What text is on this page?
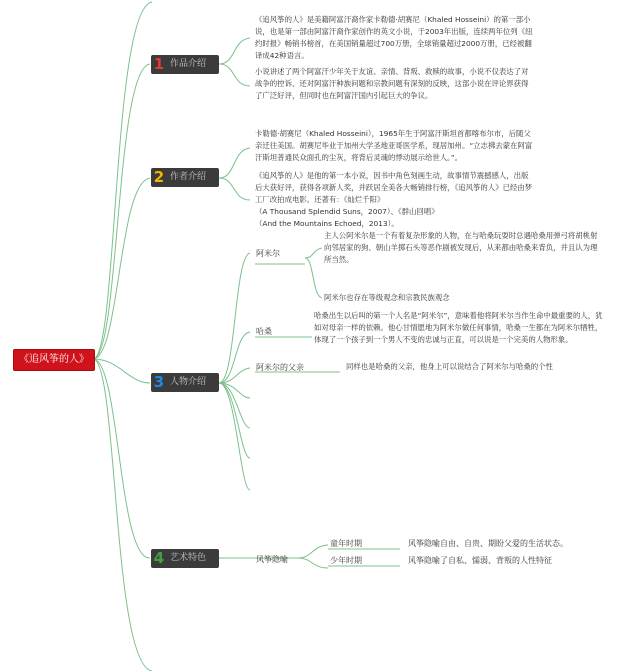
《追风筝的人》
1 作品介绍
《追风筝的人》是美籍阿富汗裔作家卡勒德·胡赛尼（Khaled Hosseini）的第一部小说，也是第一部由阿富汗裔作家创作的英文小说，于2003年出版，连续两年位列《纽约时报》畅销书榜首，在美国销量超过700万册，全球销量超过2000万册，已经被翻译成42种语言。
小说讲述了两个阿富汗少年关于友谊、亲情、背叛、救赎的故事，小说不仅表达了对战争的控诉、还对阿富汗种族问题和宗教问题有深刻的反映，这部小说在评论界获得了广泛好评，但同时也在阿富汗国内引起巨大的争议。
2 作者介绍
卡勒德·胡赛尼（Khaled Hosseini），1965年生于阿富汗斯坦首都喀布尔市，后随父亲迁往美国。胡赛尼毕业于加州大学圣地亚哥医学系，现居加州。“立志拂去蒙在阿富汗斯坦普通民众面孔的尘灰，将背后灵魂的悸动展示给世人。”。
《追风筝的人》是他的第一本小说，因书中角色刻画生动，故事情节震撼感人，出版后大获好评，获得各项新人奖，并跃居全美各大畅销排行榜，《追风筝的人》已经由梦工厂改拍成电影。还著有：《灿烂千阳》
（A Thousand Splendid Suns，2007）、《群山回唱》
（And the Mountains Echoed，2013）。
3 人物介绍
阿米尔
主人公阿米尔是一个有着复杂形象的人物，在与哈桑玩耍时总遇哈桑用弹弓将胡桃射向邻居家的狗、朝山羊掷石头等恶作剧被发现后，从来都由哈桑来背负，并且认为理所当然。
阿米尔也存在等级观念和宗教民族观念
哈桑
哈桑出生以后叫的第一个人名是“阿米尔”，意味着他将阿米尔当作生命中最重要的人，犹如对母亲一样的依赖。他心甘情愿地为阿米尔做任何事情，哈桑一生都在为阿米尔牺牲，体现了一个孩子到一个男人不变的忠诚与正直，可以说是一个完美的人物形象。
阿米尔的父亲	同样也是哈桑的父亲，他身上可以说结合了阿米尔与哈桑的个性
4 艺术特色	风筝隐喻
童年时期	风筝隐喻自由、自贵、期盼父爱的生活状态。
少年时期	风筝隐喻了自私、懦弱、背叛的人性特征
